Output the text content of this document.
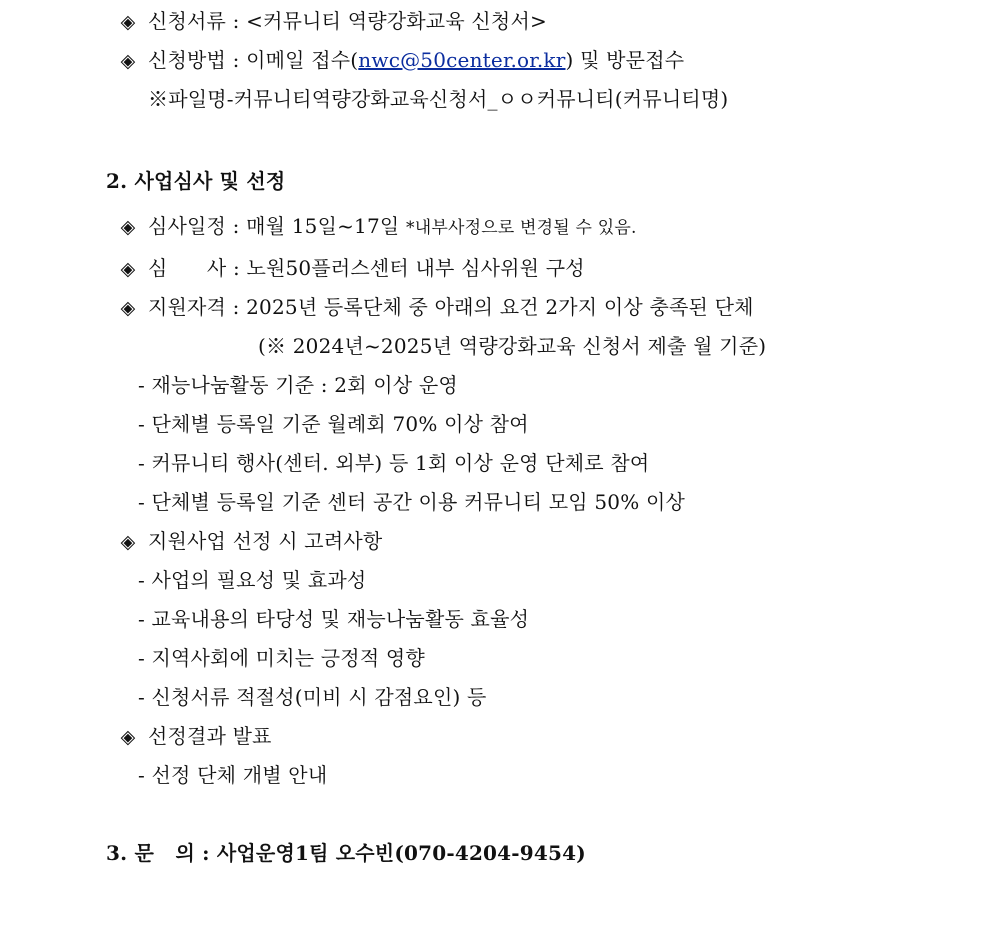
◈ 신청서류 : <커뮤니티 역량강화교육 신청서>
◈ 신청방법 : 이메일 접수(nwc@50center.or.kr) 및 방문접수
※파일명-커뮤니티역량강화교육신청서_ㅇㅇ커뮤니티(커뮤니티명)
2. 사업심사 및 선정
◈ 심사일정 : 매월 15일~17일 *내부사정으로 변경될 수 있음.
◈ 심      사 : 노원50플러스센터 내부 심사위원 구성
◈ 지원자격 : 2025년 등록단체 중 아래의 요건 2가지 이상 충족된 단체
(※ 2024년~2025년 역량강화교육 신청서 제출 월 기준)
- 재능나눔활동 기준 : 2회 이상 운영
- 단체별 등록일 기준 월례회 70% 이상 참여
- 커뮤니티 행사(센터. 외부) 등 1회 이상 운영 단체로 참여
- 단체별 등록일 기준 센터 공간 이용 커뮤니티 모임 50% 이상
◈ 지원사업 선정 시 고려사항
- 사업의 필요성 및 효과성
- 교육내용의 타당성 및 재능나눔활동 효율성
- 지역사회에 미치는 긍정적 영향
- 신청서류 적절성(미비 시 감점요인) 등
◈ 선정결과 발표
- 선정 단체 개별 안내
3. 문   의 : 사업운영1팀 오수빈(070-4204-9454)
